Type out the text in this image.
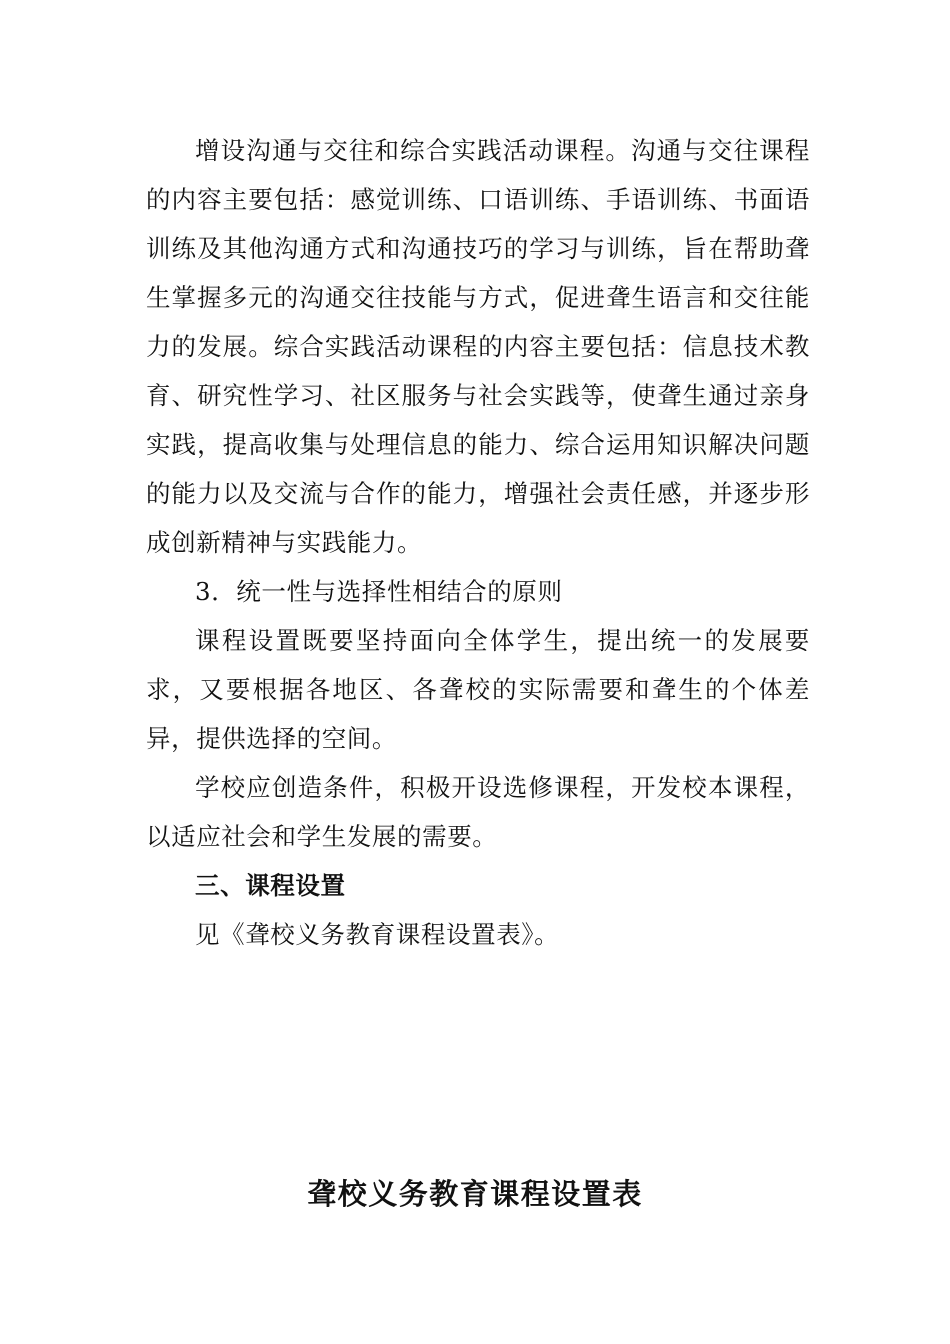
增设沟通与交往和综合实践活动课程。沟通与交往课程的内容主要包括：感觉训练、口语训练、手语训练、书面语训练及其他沟通方式和沟通技巧的学习与训练，旨在帮助聋生掌握多元的沟通交往技能与方式，促进聋生语言和交往能力的发展。综合实践活动课程的内容主要包括：信息技术教育、研究性学习、社区服务与社会实践等，使聋生通过亲身实践，提高收集与处理信息的能力、综合运用知识解决问题的能力以及交流与合作的能力，增强社会责任感，并逐步形成创新精神与实践能力。

3．统一性与选择性相结合的原则

课程设置既要坚持面向全体学生，提出统一的发展要求，又要根据各地区、各聋校的实际需要和聋生的个体差异，提供选择的空间。

学校应创造条件，积极开设选修课程，开发校本课程，以适应社会和学生发展的需要。

三、课程设置

见《聋校义务教育课程设置表》。

聋校义务教育课程设置表
